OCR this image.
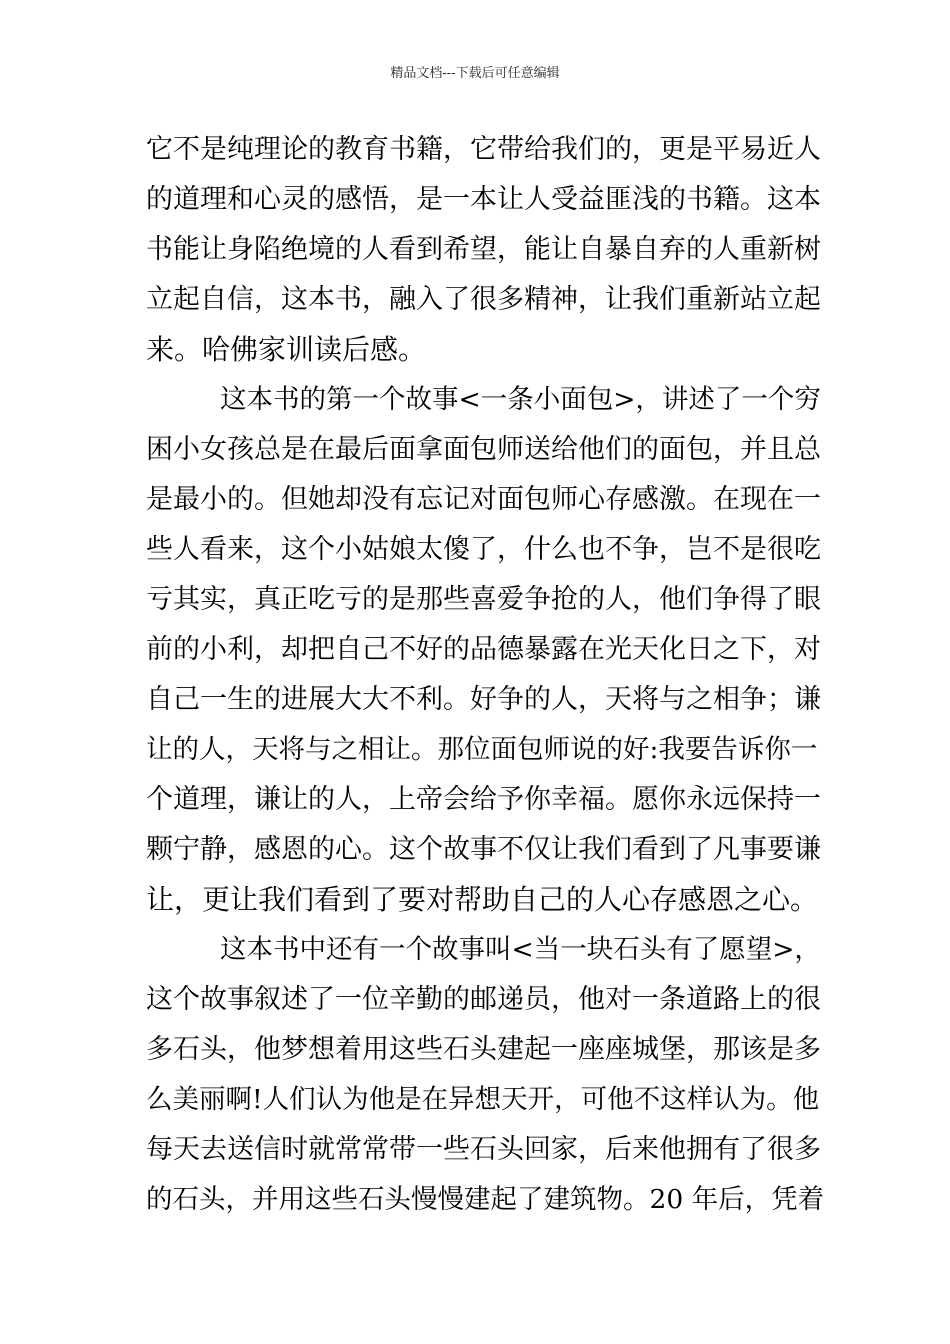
精品文档---下载后可任意编辑
它不是纯理论的教育书籍，它带给我们的，更是平易近人
的道理和心灵的感悟，是一本让人受益匪浅的书籍。这本
书能让身陷绝境的人看到希望，能让自暴自弃的人重新树
立起自信，这本书，融入了很多精神，让我们重新站立起
来。哈佛家训读后感。
这本书的第一个故事<一条小面包>，讲述了一个穷
困小女孩总是在最后面拿面包师送给他们的面包，并且总
是最小的。但她却没有忘记对面包师心存感激。在现在一
些人看来，这个小姑娘太傻了，什么也不争，岂不是很吃
亏其实，真正吃亏的是那些喜爱争抢的人，他们争得了眼
前的小利，却把自己不好的品德暴露在光天化日之下，对
自己一生的进展大大不利。好争的人，天将与之相争；谦
让的人，天将与之相让。那位面包师说的好:我要告诉你一
个道理，谦让的人，上帝会给予你幸福。愿你永远保持一
颗宁静，感恩的心。这个故事不仅让我们看到了凡事要谦
让，更让我们看到了要对帮助自己的人心存感恩之心。
这本书中还有一个故事叫<当一块石头有了愿望>，
这个故事叙述了一位辛勤的邮递员，他对一条道路上的很
多石头，他梦想着用这些石头建起一座座城堡，那该是多
么美丽啊!人们认为他是在异想天开，可他不这样认为。他
每天去送信时就常常带一些石头回家，后来他拥有了很多
的石头，并用这些石头慢慢建起了建筑物。20 年后，凭着
